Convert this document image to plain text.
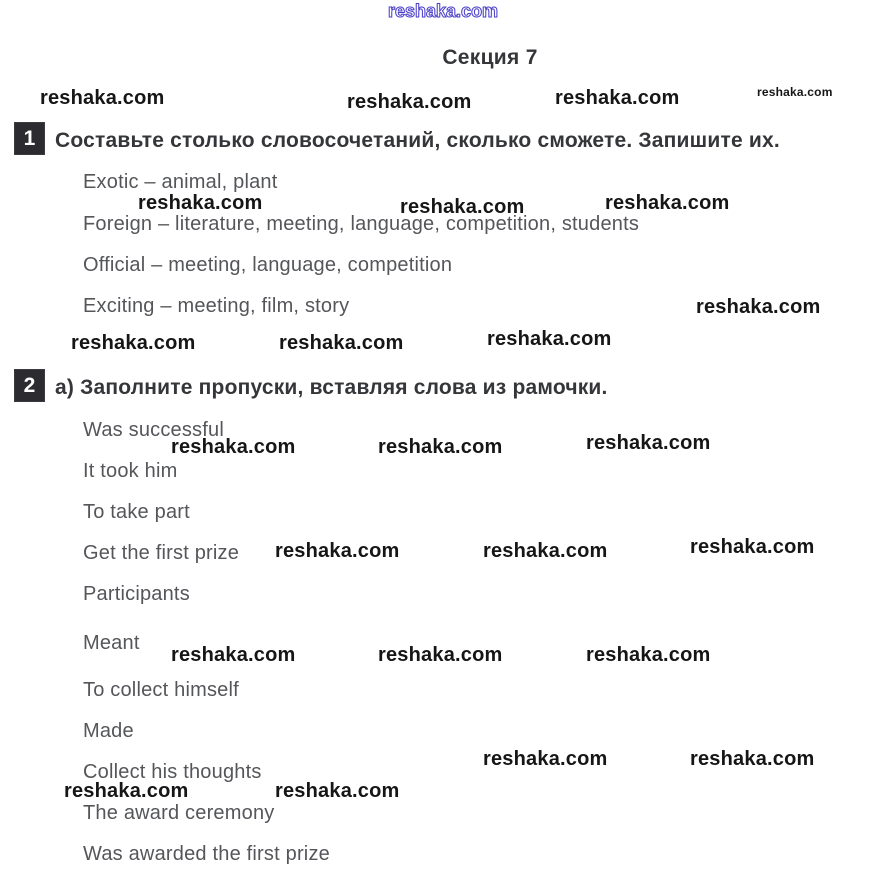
reshaka.com
Секция 7
reshaka.com	reshaka.com	reshaka.com	reshaka.com
1 Составьте столько словосочетаний, сколько сможете. Запишите их.
Exotic – animal, plant
reshaka.com	reshaka.com	reshaka.com
Foreign – literature, meeting, language, competition, students
Official – meeting, language, competition
Exciting – meeting, film, story	reshaka.com
reshaka.com	reshaka.com	reshaka.com
2 а) Заполните пропуски, вставляя слова из рамочки.
Was successful
reshaka.com	reshaka.com	reshaka.com
It took him
To take part
Get the first prize reshaka.com	reshaka.com	reshaka.com
Participants
Meant
reshaka.com	reshaka.com	reshaka.com
To collect himself
Made
Collect his thoughts
reshaka.com	reshaka.com
reshaka.com	reshaka.com
The award ceremony
Was awarded the first prize
